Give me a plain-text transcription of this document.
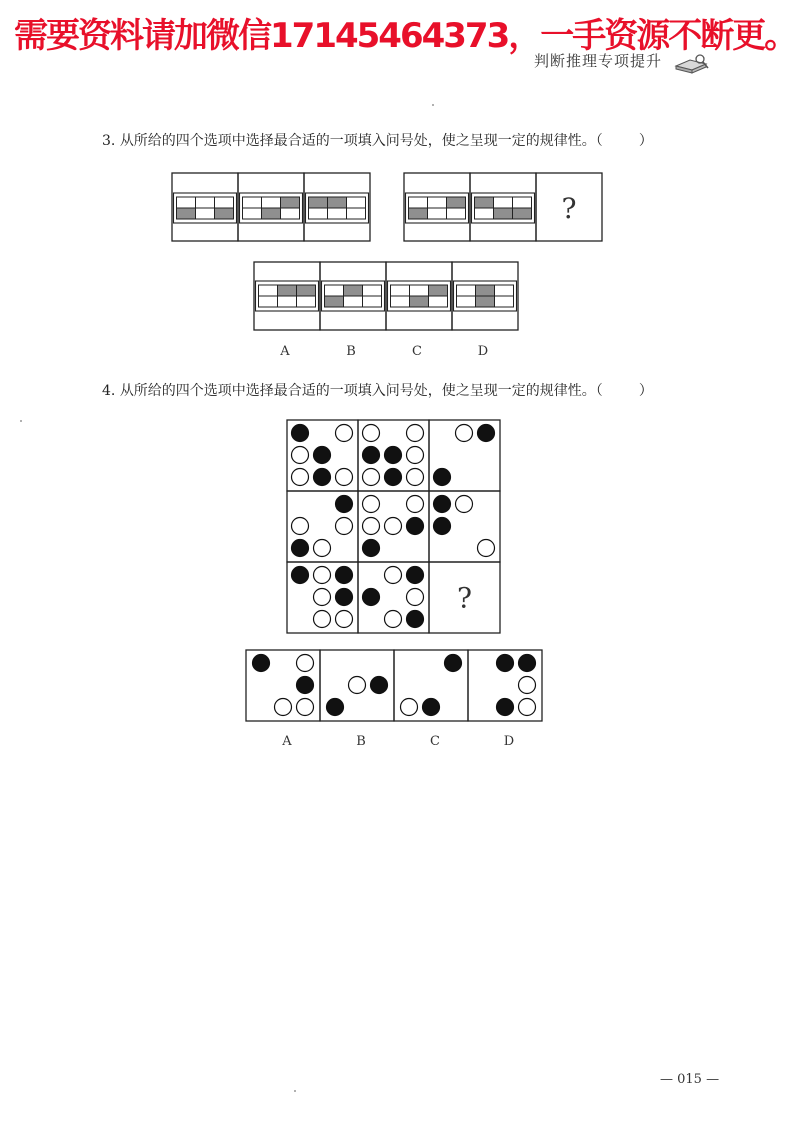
需要资料请加微信17145464373，一手资源不断更。
判断推理专项提升
3. 从所给的四个选项中选择最合适的一项填入问号处，使之呈现一定的规律性。（	）
4. 从所给的四个选项中选择最合适的一项填入问号处，使之呈现一定的规律性。（	）
?
A	B	C	D
?
A	B	C	D
— 015 —
